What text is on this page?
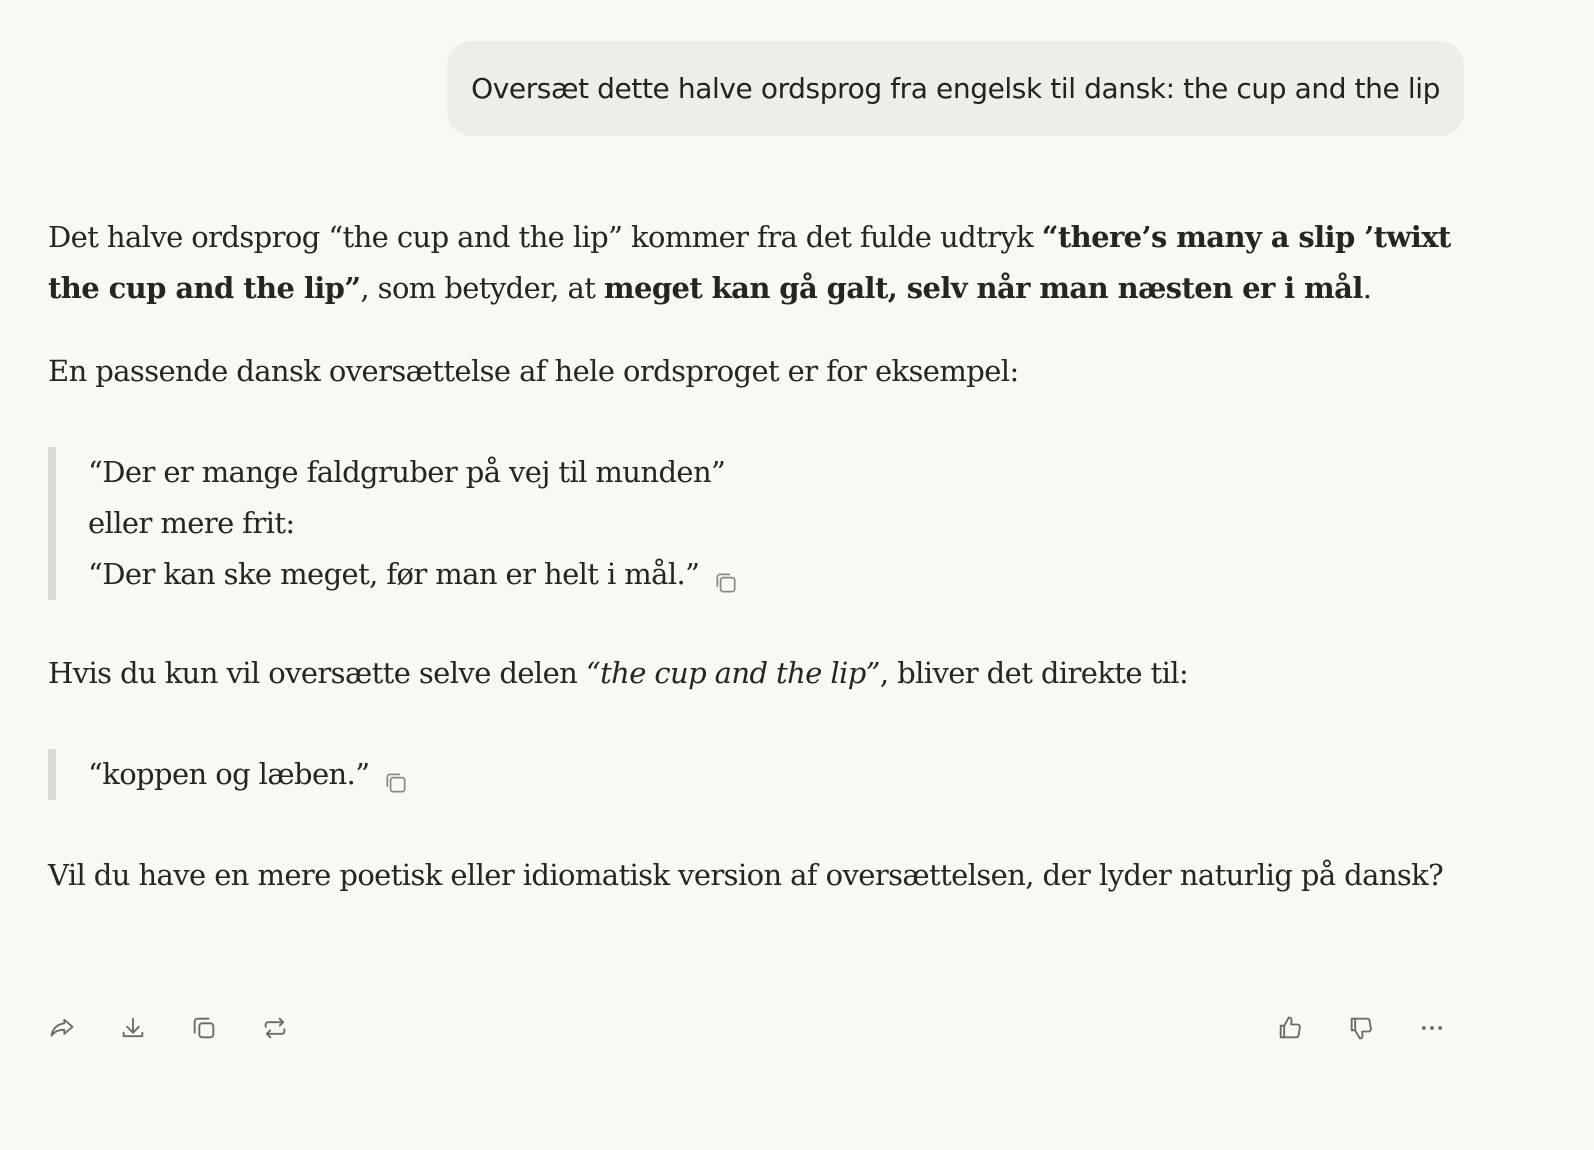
Oversæt dette halve ordsprog fra engelsk til dansk: the cup and the lip

Det halve ordsprog “the cup and the lip” kommer fra det fulde udtryk “there’s many a slip ’twixt the cup and the lip”, som betyder, at meget kan gå galt, selv når man næsten er i mål.

En passende dansk oversættelse af hele ordsproget er for eksempel:

“Der er mange faldgruber på vej til munden”
eller mere frit:
“Der kan ske meget, før man er helt i mål.”

Hvis du kun vil oversætte selve delen “the cup and the lip”, bliver det direkte til:

“koppen og læben.”

Vil du have en mere poetisk eller idiomatisk version af oversættelsen, der lyder naturlig på dansk?
